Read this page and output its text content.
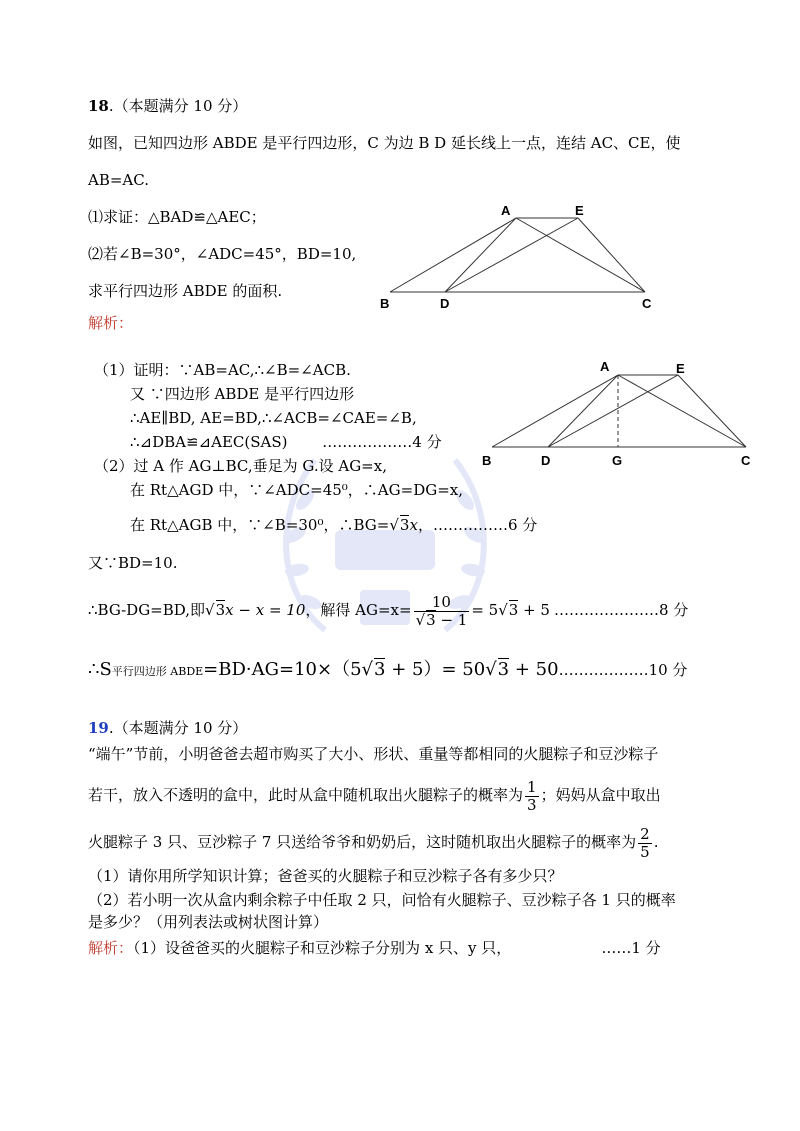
18.（本题满分 10 分）
如图，已知四边形 ABDE 是平行四边形，C 为边 B D 延长线上一点，连结 AC、CE，使
AB=AC.
⑴求证：△BAD≌△AEC；
⑵若∠B=30°，∠ADC=45°，BD=10,
求平行四边形 ABDE 的面积.
解析：
A	E
B	D	C
A	E
B	D	G	C
（1）证明：∵AB=AC,∴∠B=∠ACB.
又 ∵四边形 ABDE 是平行四边形
∴AE∥BD, AE=BD,∴∠ACB=∠CAE=∠B,
∴⊿DBA≌⊿AEC(SAS) ………………4 分
（2）过 A 作 AG⊥BC,垂足为 G.设 AG=x,
在 Rt△AGD 中，∵∠ADC=45⁰，∴AG=DG=x,
在 Rt△AGB 中，∵∠B=30⁰，∴BG=√3x，……………6 分
又∵BD=10.
∴BG-DG=BD,即√3x − x = 10，解得 $AG=x= \frac{10}{√3 - 1} = 5√3 + 5$ …………………8 分
∴S平行四边形 ABDE=BD·AG=10×（5√3 + 5）= 50√3 + 50………………10 分
19.（本题满分 10 分）
“端午”节前，小明爸爸去超市购买了大小、形状、重量等都相同的火腿粽子和豆沙粽子
若干，放入不透明的盒中，此时从盒中随机取出火腿粽子的概率为 $\frac{1}{3}$ ；妈妈从盒中取出
火腿粽子 3 只、豆沙粽子 7 只送给爷爷和奶奶后，这时随机取出火腿粽子的概率为 $\frac{2}{5}$ .
（1）请你用所学知识计算；爸爸买的火腿粽子和豆沙粽子各有多少只？
（2）若小明一次从盒内剩余粽子中任取 2 只，问恰有火腿粽子、豆沙粽子各 1 只的概率
是多少？（用列表法或树状图计算）
解析：（1）设爸爸买的火腿粽子和豆沙粽子分别为 x 只、y 只，	……1 分
